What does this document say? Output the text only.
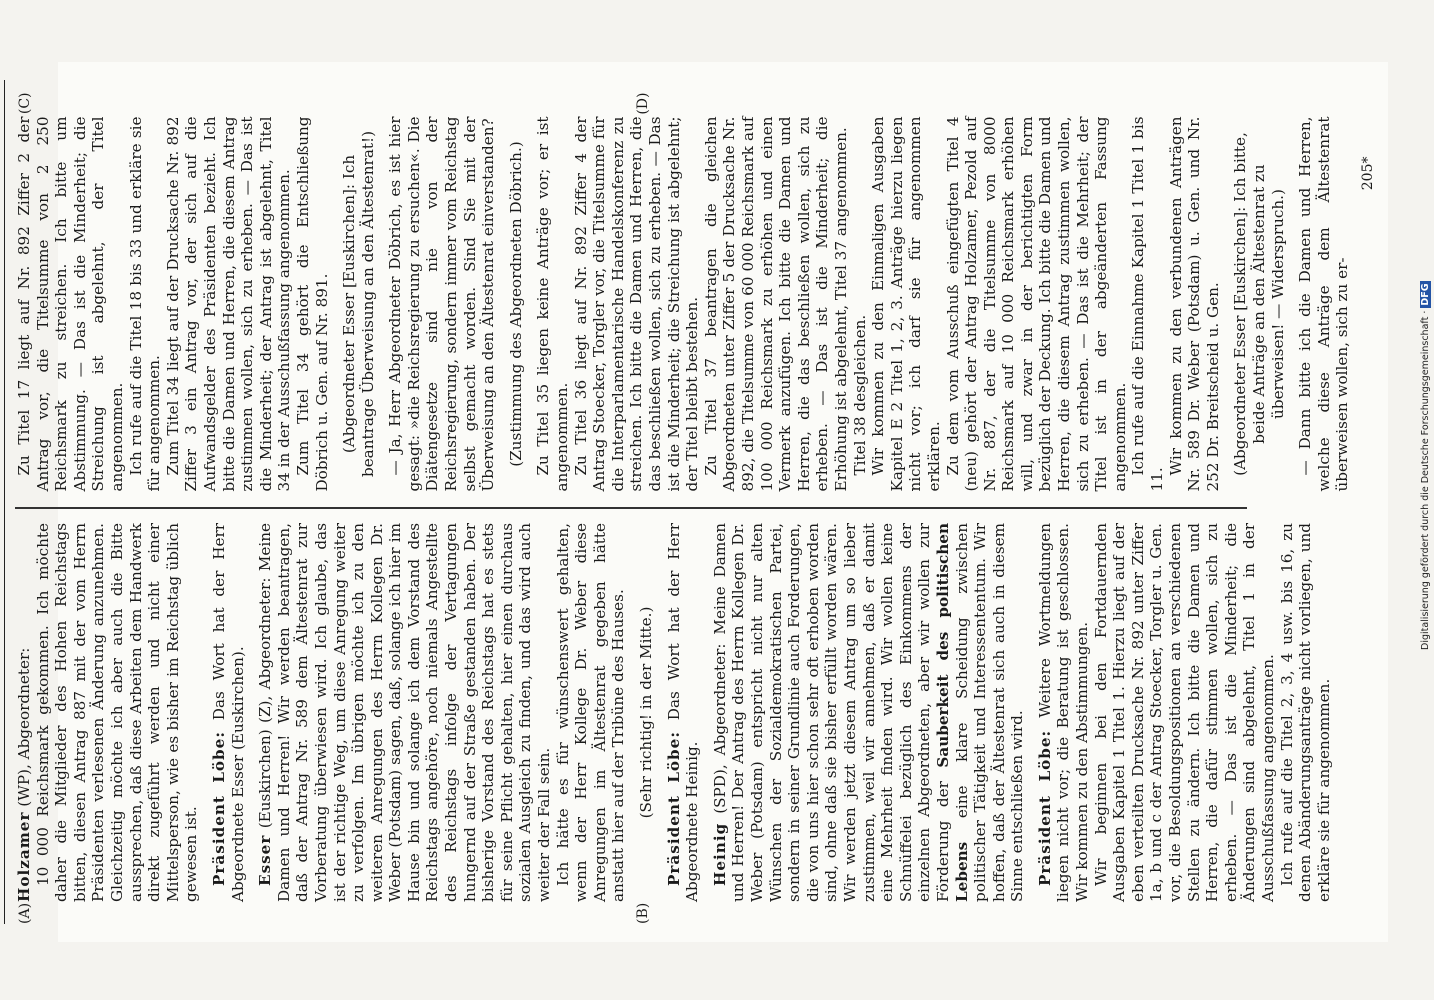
(A)	(B)

Holzamer (WP), Abgeordneter: 10 000 Reichsmark gekommen. Ich möchte daher die Mitglieder des Hohen Reichstags bitten, diesen Antrag 887 mit der vom Herrn Präsidenten verlesenen Änderung anzunehmen. Gleichzeitig möchte ich aber auch die Bitte aussprechen, daß diese Arbeiten dem Handwerk direkt zugeführt werden und nicht einer Mittelsperson, wie es bisher im Reichstag üblich gewesen ist. Präsident Löbe: Das Wort hat der Herr Abgeordnete Esser (Euskirchen). Esser (Euskirchen) (Z), Abgeordneter: Meine Damen und Herren! Wir werden beantragen, daß der Antrag Nr. 589 dem Ältestenrat zur Vorberatung überwiesen wird. Ich glaube, das ist der richtige Weg, um diese Anregung weiter zu verfolgen. Im übrigen möchte ich zu den weiteren Anregungen des Herrn Kollegen Dr. Weber (Potsdam) sagen, daß, solange ich hier im Hause bin und solange ich dem Vorstand des Reichstags angehöre, noch niemals Angestellte des Reichstags infolge der Vertagungen hungernd auf der Straße gestanden haben. Der bisherige Vorstand des Reichstags hat es stets für seine Pflicht gehalten, hier einen durchaus sozialen Ausgleich zu finden, und das wird auch weiter der Fall sein. Ich hätte es für wünschenswert gehalten, wenn der Herr Kollege Dr. Weber diese Anregungen im Ältestenrat gegeben hätte anstatt hier auf der Tribüne des Hauses. (Sehr richtig! in der Mitte.) Präsident Löbe: Das Wort hat der Herr Abgeordnete Heinig. Heinig (SPD), Abgeordneter: Meine Damen und Herren! Der Antrag des Herrn Kollegen Dr. Weber (Potsdam) entspricht nicht nur alten Wünschen der Sozialdemokratischen Partei, sondern in seiner Grundlinie auch Forderungen, die von uns hier schon sehr oft erhoben worden sind, ohne daß sie bisher erfüllt worden wären. Wir werden jetzt diesem Antrag um so lieber zustimmen, weil wir annehmen, daß er damit eine Mehrheit finden wird. Wir wollen keine Schnüffelei bezüglich des Einkommens der einzelnen Abgeordneten, aber wir wollen zur Förderung der Sauberkeit des politischen Lebens eine klare Scheidung zwischen politischer Tätigkeit und Interessententum. Wir hoffen, daß der Ältestenrat sich auch in diesem Sinne entschließen wird. Präsident Löbe: Weitere Wortmeldungen liegen nicht vor; die Beratung ist geschlossen. Wir kommen zu den Abstimmungen. Wir beginnen bei den Fortdauernden Ausgaben Kapitel 1 Titel 1. Hierzu liegt auf der eben verteilten Drucksache Nr. 892 unter Ziffer 1a, b und c der Antrag Stoecker, Torgler u. Gen. vor, die Besoldungspositionen an verschiedenen Stellen zu ändern. Ich bitte die Damen und Herren, die dafür stimmen wollen, sich zu erheben. — Das ist die Minderheit; die Änderungen sind abgelehnt, Titel 1 in der Ausschußfassung angenommen. Ich rufe auf die Titel 2, 3, 4 usw. bis 16, zu denen Abänderungsanträge nicht vorliegen, und erkläre sie für angenommen.

(C)	(D)

Zu Titel 17 liegt auf Nr. 892 Ziffer 2 der Antrag vor, die Titelsumme von 2 250 Reichsmark zu streichen. Ich bitte um Abstimmung. — Das ist die Minderheit; die Streichung ist abgelehnt, der Titel angenommen. Ich rufe auf die Titel 18 bis 33 und erkläre sie für angenommen. Zum Titel 34 liegt auf der Drucksache Nr. 892 Ziffer 3 ein Antrag vor, der sich auf die Aufwandsgelder des Präsidenten bezieht. Ich bitte die Damen und Herren, die diesem Antrag zustimmen wollen, sich zu erheben. — Das ist die Minderheit; der Antrag ist abgelehnt, Titel 34 in der Ausschußfassung angenommen. Zum Titel 34 gehört die Entschließung Döbrich u. Gen. auf Nr. 891. (Abgeordneter Esser [Euskirchen]: Ich beantrage Überweisung an den Ältestenrat!) — Ja, Herr Abgeordneter Döbrich, es ist hier gesagt: »die Reichsregierung zu ersuchen«. Die Diätengesetze sind nie von der Reichsregierung, sondern immer vom Reichstag selbst gemacht worden. Sind Sie mit der Überweisung an den Ältestenrat einverstanden? (Zustimmung des Abgeordneten Döbrich.) Zu Titel 35 liegen keine Anträge vor; er ist angenommen. Zu Titel 36 liegt auf Nr. 892 Ziffer 4 der Antrag Stoecker, Torgler vor, die Titelsumme für die Interparlamentarische Handelskonferenz zu streichen. Ich bitte die Damen und Herren, die das beschließen wollen, sich zu erheben. — Das ist die Minderheit; die Streichung ist abgelehnt; der Titel bleibt bestehen. Zu Titel 37 beantragen die gleichen Abgeordneten unter Ziffer 5 der Drucksache Nr. 892, die Titelsumme von 60 000 Reichsmark auf 100 000 Reichsmark zu erhöhen und einen Vermerk anzufügen. Ich bitte die Damen und Herren, die das beschließen wollen, sich zu erheben. — Das ist die Minderheit; die Erhöhung ist abgelehnt, Titel 37 angenommen. Titel 38 desgleichen. Wir kommen zu den Einmaligen Ausgaben Kapitel E 2 Titel 1, 2, 3. Anträge hierzu liegen nicht vor; ich darf sie für angenommen erklären. Zu dem vom Ausschuß eingefügten Titel 4 (neu) gehört der Antrag Holzamer, Pezold auf Nr. 887, der die Titelsumme von 8000 Reichsmark auf 10 000 Reichsmark erhöhen will, und zwar in der berichtigten Form bezüglich der Deckung. Ich bitte die Damen und Herren, die diesem Antrag zustimmen wollen, sich zu erheben. — Das ist die Mehrheit; der Titel ist in der abgeänderten Fassung angenommen. Ich rufe auf die Einnahme Kapitel 1 Titel 1 bis 11.

Wir kommen zu den verbundenen Anträgen Nr. 589 Dr. Weber (Potsdam) u. Gen. und Nr. 252 Dr. Breitscheid u. Gen. (Abgeordneter Esser [Euskirchen]: Ich bitte, beide Anträge an den Ältestenrat zu überweisen! — Widerspruch.) — Dann bitte ich die Damen und Herren, welche diese Anträge dem Ältestenrat überweisen wollen, sich zu er-

205*
Digitalisierung gefördert durch die Deutsche Forschungsgemeinschaft · DFG
